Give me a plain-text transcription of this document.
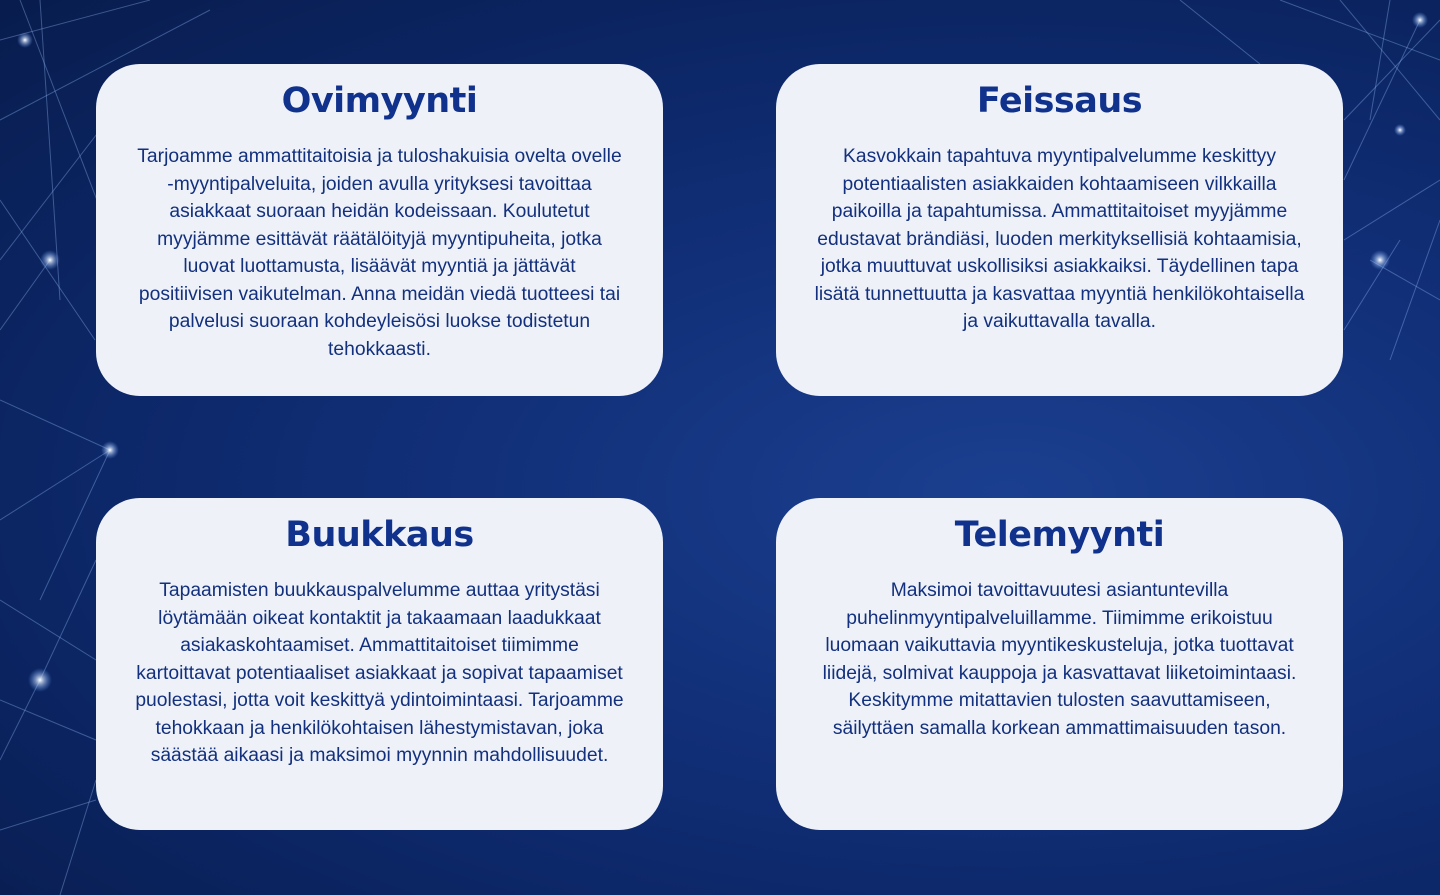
Ovimyynti

Tarjoamme ammattitaitoisia ja tuloshakuisia ovelta ovelle -myyntipalveluita, joiden avulla yrityksesi tavoittaa asiakkaat suoraan heidän kodeissaan. Koulutetut myyjämme esittävät räätälöityjä myyntipuheita, jotka luovat luottamusta, lisäävät myyntiä ja jättävät positiivisen vaikutelman. Anna meidän viedä tuotteesi tai palvelusi suoraan kohdeyleisösi luokse todistetun tehokkaasti.

Feissaus

Kasvokkain tapahtuva myyntipalvelumme keskittyy potentiaalisten asiakkaiden kohtaamiseen vilkkailla paikoilla ja tapahtumissa. Ammattitaitoiset myyjämme edustavat brändiäsi, luoden merkityksellisiä kohtaamisia, jotka muuttuvat uskollisiksi asiakkaiksi. Täydellinen tapa lisätä tunnettuutta ja kasvattaa myyntiä henkilökohtaisella ja vaikuttavalla tavalla.

Buukkaus

Tapaamisten buukkauspalvelumme auttaa yritystäsi löytämään oikeat kontaktit ja takaamaan laadukkaat asiakaskohtaamiset. Ammattitaitoiset tiimimme kartoittavat potentiaaliset asiakkaat ja sopivat tapaamiset puolestasi, jotta voit keskittyä ydintoimintaasi. Tarjoamme tehokkaan ja henkilökohtaisen lähestymistavan, joka säästää aikaasi ja maksimoi myynnin mahdollisuudet.

Telemyynti

Maksimoi tavoittavuutesi asiantuntevilla puhelinmyyntipalveluillamme. Tiimimme erikoistuu luomaan vaikuttavia myyntikeskusteluja, jotka tuottavat liidejä, solmivat kauppoja ja kasvattavat liiketoimintaasi. Keskitymme mitattavien tulosten saavuttamiseen, säilyttäen samalla korkean ammattimaisuuden tason.
